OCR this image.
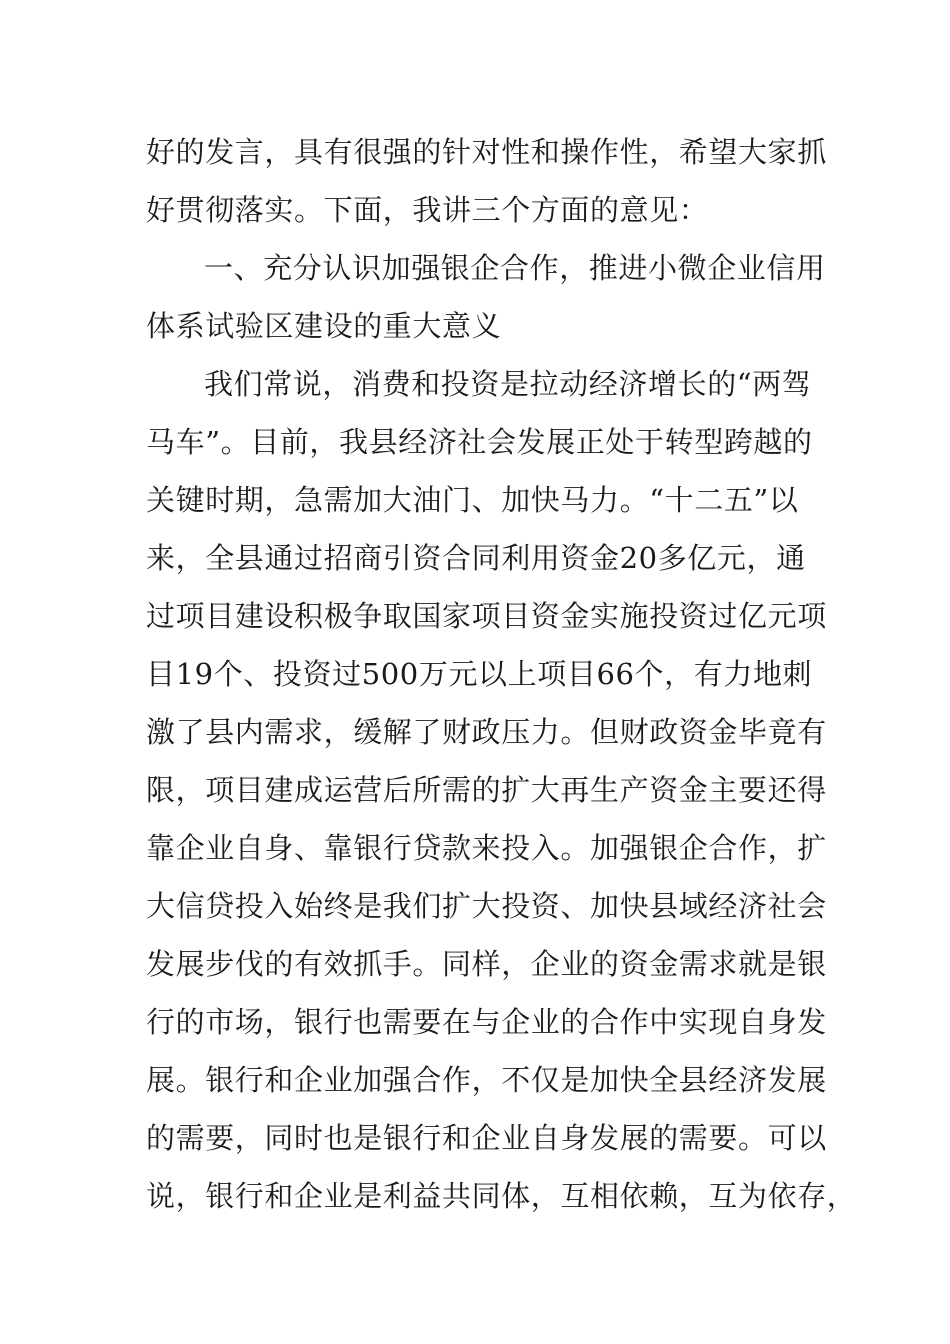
好的发言，具有很强的针对性和操作性，希望大家抓
好贯彻落实。下面，我讲三个方面的意见：
一、充分认识加强银企合作，推进小微企业信用
体系试验区建设的重大意义
我们常说，消费和投资是拉动经济增长的“两驾
马车”。目前，我县经济社会发展正处于转型跨越的
关键时期，急需加大油门、加快马力。“十二五”以
来，全县通过招商引资合同利用资金20多亿元，通
过项目建设积极争取国家项目资金实施投资过亿元项
目19个、投资过500万元以上项目66个，有力地刺
激了县内需求，缓解了财政压力。但财政资金毕竟有
限，项目建成运营后所需的扩大再生产资金主要还得
靠企业自身、靠银行贷款来投入。加强银企合作，扩
大信贷投入始终是我们扩大投资、加快县域经济社会
发展步伐的有效抓手。同样，企业的资金需求就是银
行的市场，银行也需要在与企业的合作中实现自身发
展。银行和企业加强合作，不仅是加快全县经济发展
的需要，同时也是银行和企业自身发展的需要。可以
说，银行和企业是利益共同体，互相依赖，互为依存，
